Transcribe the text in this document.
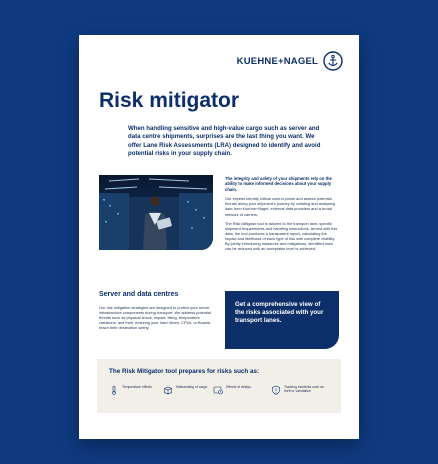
KUEHNE+NAGEL
Risk mitigator

When handling sensitive and high-value cargo such as server and data centre shipments, surprises are the last thing you want. We offer Lane Risk Assessments (LRA) designed to identify and avoid potential risks in your supply chain.

The integrity and safety of your shipments rely on the ability to make informed decisions about your supply chain.

Our experts identify critical control points and assess potential threats along your shipment's journey by collating and analysing data from Kuehne+Nagel, external data providers and a broad network of carriers.

The Risk Mitigator tool is tailored to the transport lane, specific shipment requirements and handling instructions. Armed with this data, the tool produces a transparent report, calculating the impact and likelihood of each type of risk with complete visibility. By jointly introducing measures and mitigations, identified risks can be reduced until an acceptable level is achieved.

Server and data centres

Our risk mitigation strategies are designed to protect your server infrastructure components during transport. We address potential threats such as physical shock, impact, tilting, temperature variations, and theft, ensuring your hard drives, CPUs, or Boards reach their destination safely.

Get a comprehensive view of the risks associated with your transport lanes.

The Risk Mitigator tool prepares for risks such as:
Temperature effects	Mishandling of cargo	Effects of delays	Tracking incidents such as theft or vandalism
